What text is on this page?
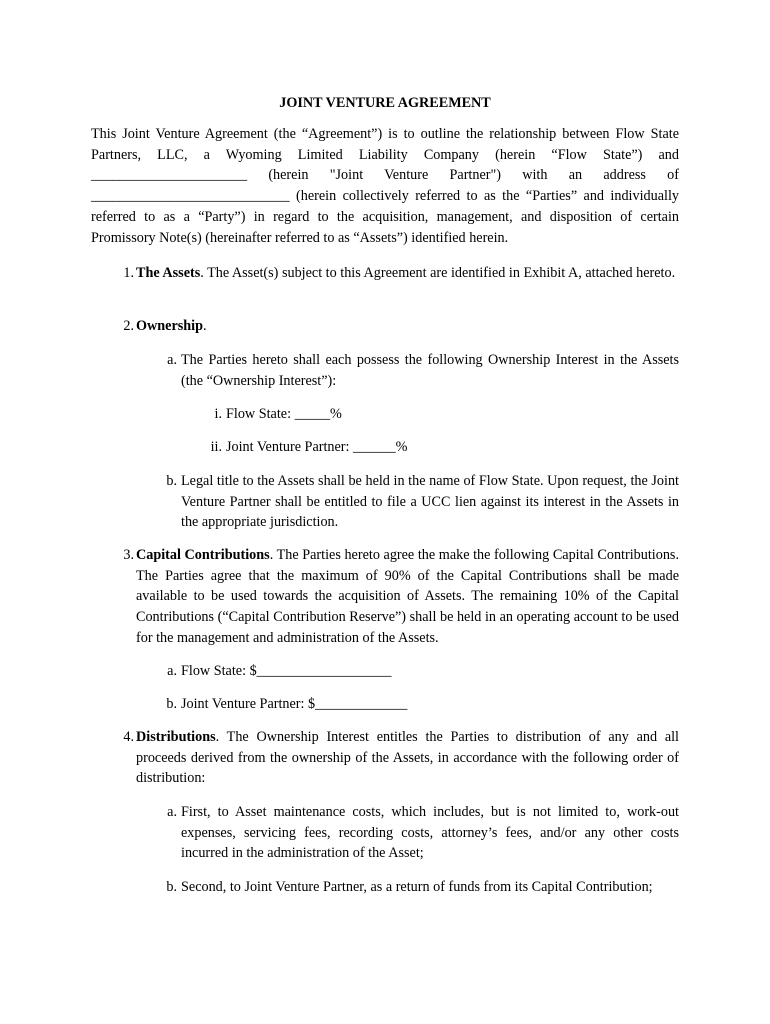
JOINT VENTURE AGREEMENT

This Joint Venture Agreement (the “Agreement”) is to outline the relationship between Flow State Partners, LLC, a Wyoming Limited Liability Company (herein “Flow State”) and ______________________ (herein "Joint Venture Partner") with an address of ____________________________ (herein collectively referred to as the “Parties” and individually referred to as a “Party”) in regard to the acquisition, management, and disposition of certain Promissory Note(s) (hereinafter referred to as “Assets”) identified herein.

1. The Assets. The Asset(s) subject to this Agreement are identified in Exhibit A, attached hereto.

2. Ownership.

a. The Parties hereto shall each possess the following Ownership Interest in the Assets (the “Ownership Interest”):

i. Flow State: _____%

ii. Joint Venture Partner: ______%

b. Legal title to the Assets shall be held in the name of Flow State. Upon request, the Joint Venture Partner shall be entitled to file a UCC lien against its interest in the Assets in the appropriate jurisdiction.

3. Capital Contributions. The Parties hereto agree the make the following Capital Contributions. The Parties agree that the maximum of 90% of the Capital Contributions shall be made available to be used towards the acquisition of Assets. The remaining 10% of the Capital Contributions (“Capital Contribution Reserve”) shall be held in an operating account to be used for the management and administration of the Assets.

a. Flow State: $___________________

b. Joint Venture Partner: $_____________

4. Distributions. The Ownership Interest entitles the Parties to distribution of any and all proceeds derived from the ownership of the Assets, in accordance with the following order of distribution:

a. First, to Asset maintenance costs, which includes, but is not limited to, work-out expenses, servicing fees, recording costs, attorney’s fees, and/or any other costs incurred in the administration of the Asset;

b. Second, to Joint Venture Partner, as a return of funds from its Capital Contribution;
